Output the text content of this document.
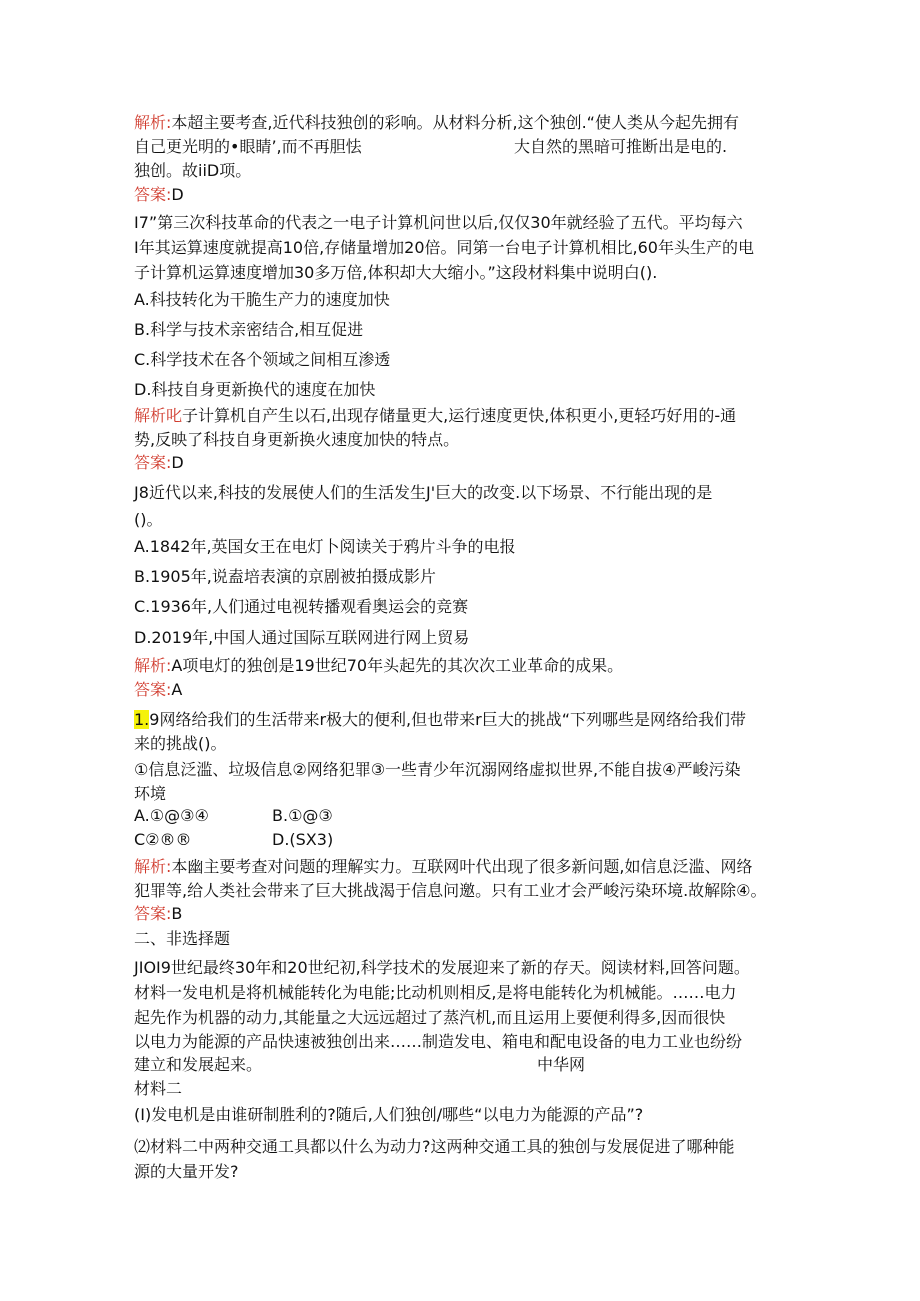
解析:本超主要考查,近代科技独创的彩响。从材料分析,这个独创.“使人类从今起先拥有
自己更光明的•眼睛’,而不再胆怯	大自然的黑暗可推断出是电的.
独创。故iiD项。
答案:D
I7”第三次科技革命的代表之一电子计算机问世以后,仅仅30年就经验了五代。平均每六
I年其运算速度就提高10倍,存储量增加20倍。同第一台电子计算机相比,60年头生产的电
子计算机运算速度增加30多万倍,体积却大大缩小。”这段材料集中说明白().
A.科技转化为干脆生产力的速度加快
B.科学与技术亲密结合,相互促进
C.科学技术在各个领域之间相互渗透
D.科技自身更新换代的速度在加快
解析叱子计算机自产生以石,出现存储量更大,运行速度更快,体积更小,更轻巧好用的-通
势,反映了科技自身更新换火速度加快的特点。
答案:D
J8近代以来,科技的发展使人们的生活发生J'巨大的改变.以下场景、不行能出现的是
()。
A.1842年,英国女王在电灯卜阅读关于鸦片斗争的电报
B.1905年,说盍培表演的京剧被拍摄成影片
C.1936年,人们通过电视转播观看奥运会的竞赛
D.2019年,中国人通过国际互联网进行网上贸易
解析:A项电灯的独创是19世纪70年头起先的其次次工业革命的成果。
答案:A
1.9网络给我们的生活带来r极大的便利,但也带来r巨大的挑战“下列哪些是网络给我们带
来的挑战()。
①信息泛滥、垃圾信息②网络犯罪③一些青少年沉溺网络虚拟世界,不能自拔④严峻污染
环境
A.①@③④	B.①@③
C②®®	D.(SX3)
解析:本幽主要考查对问题的理解实力。互联网叶代出现了很多新问题,如信息泛滥、网络
犯罪等,给人类社会带来了巨大挑战渴于信息问邀。只有工业才会严峻污染环境.故解除④。
答案:B
二、非选择题
JIOI9世纪最终30年和20世纪初,科学技术的发展迎来了新的存天。阅读材料,回答问题。
材料一发电机是将机械能转化为电能;比动机则相反,是将电能转化为机械能。……电力
起先作为机器的动力,其能量之大远远超过了蒸汽机,而且运用上要便利得多,因而很快
以电力为能源的产品快速被独创出来……制造发电、箱电和配电设备的电力工业也纷纷
建立和发展起来。	中华网
材料二
(I)发电机是由谁研制胜利的?随后,人们独创/哪些“以电力为能源的产品”?
⑵材料二中两种交通工具都以什么为动力?这两种交通工具的独创与发展促进了哪种能
源的大量开发?
